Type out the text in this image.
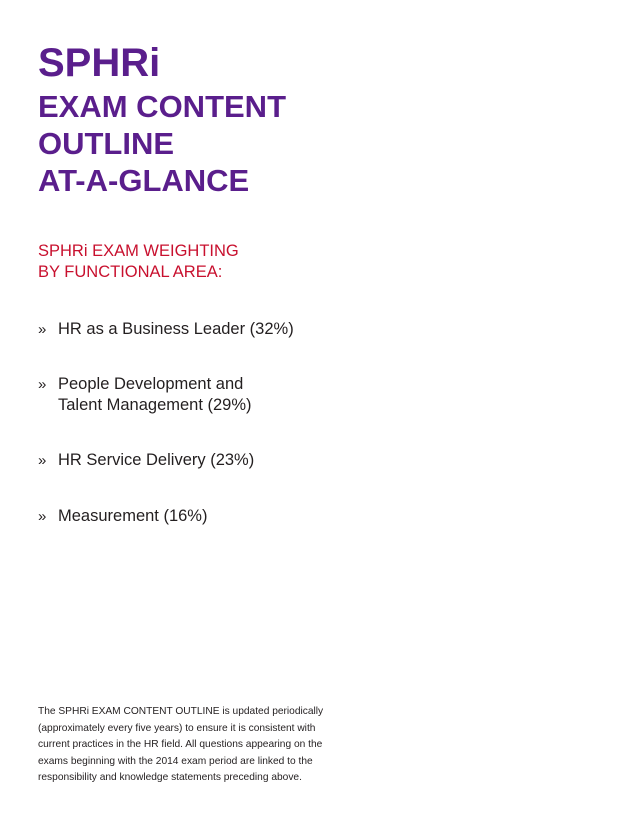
SPHRi
EXAM CONTENT
OUTLINE
AT-A-GLANCE
SPHRi EXAM WEIGHTING
BY FUNCTIONAL AREA:
» HR as a Business Leader (32%)
» People Development and
Talent Management (29%)
» HR Service Delivery (23%)
» Measurement (16%)

The SPHRi EXAM CONTENT OUTLINE is updated periodically (approximately every five years) to ensure it is consistent with current practices in the HR field. All questions appearing on the exams beginning with the 2014 exam period are linked to the responsibility and knowledge statements preceding above.
